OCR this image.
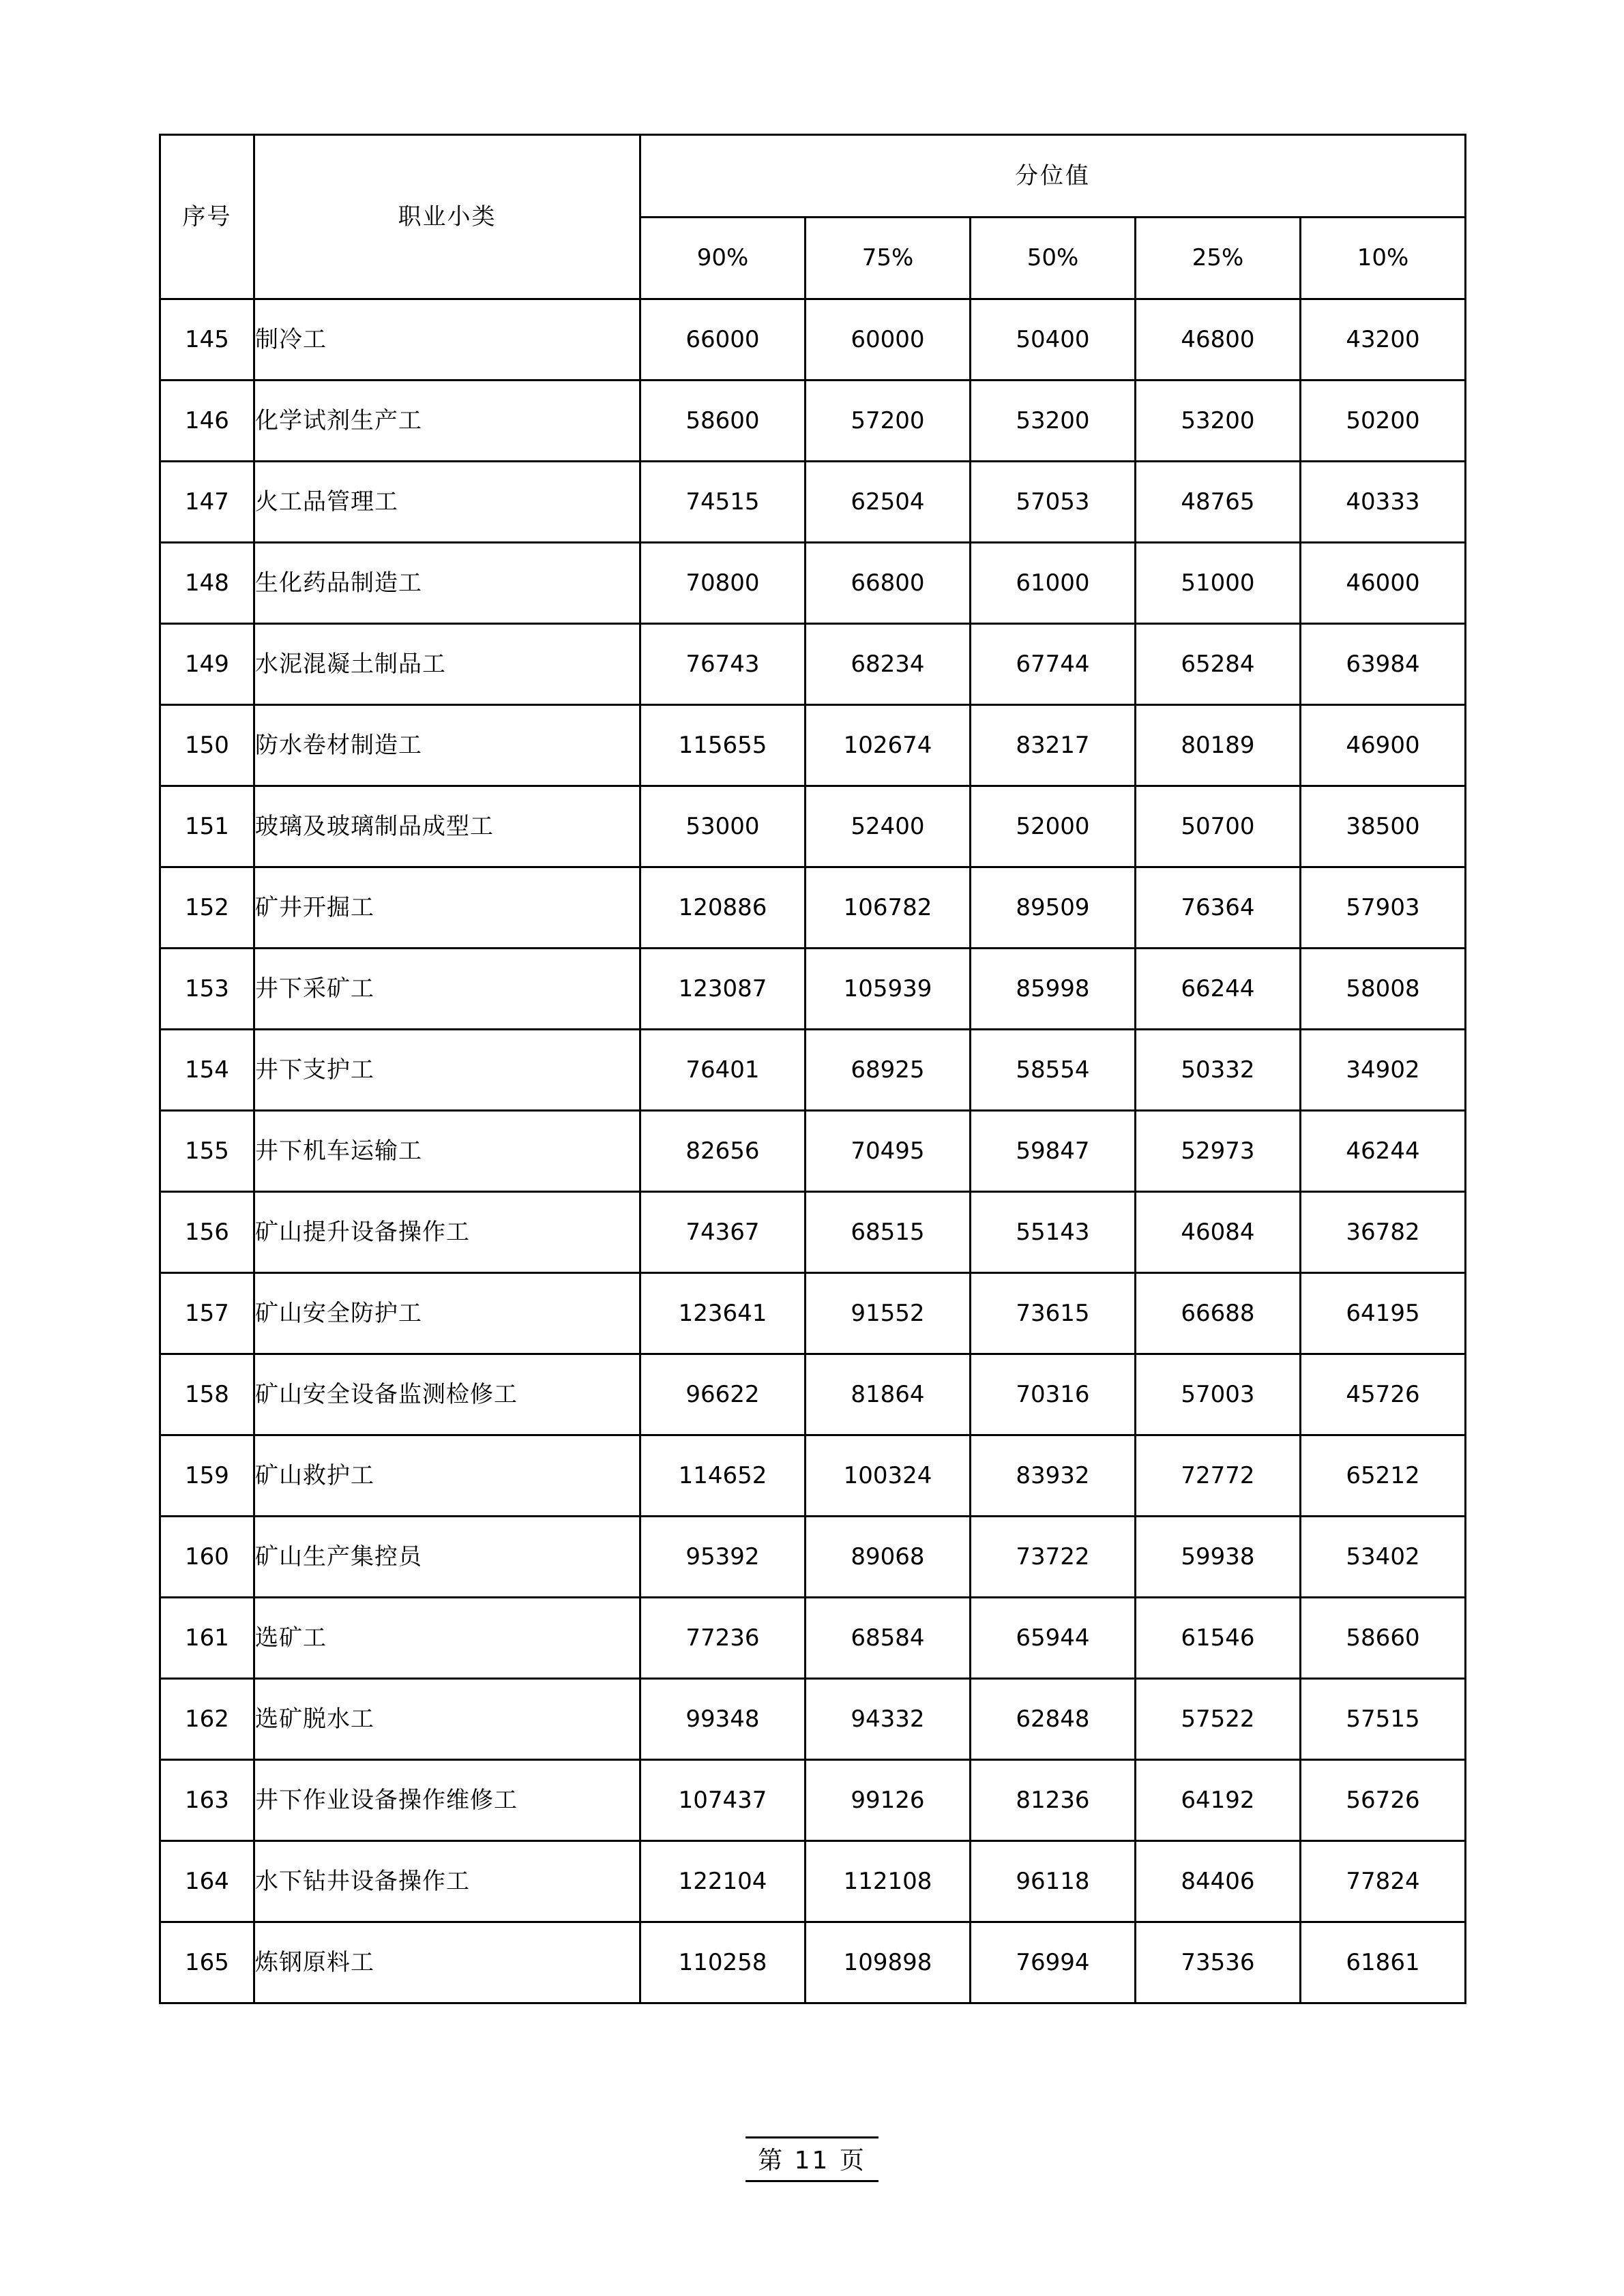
序号	职业小类	分位值				
		90%	75%	50%	25%	10%
145	制冷工	66000	60000	50400	46800	43200
146	化学试剂生产工	58600	57200	53200	53200	50200
147	火工品管理工	74515	62504	57053	48765	40333
148	生化药品制造工	70800	66800	61000	51000	46000
149	水泥混凝土制品工	76743	68234	67744	65284	63984
150	防水卷材制造工	115655	102674	83217	80189	46900
151	玻璃及玻璃制品成型工	53000	52400	52000	50700	38500
152	矿井开掘工	120886	106782	89509	76364	57903
153	井下采矿工	123087	105939	85998	66244	58008
154	井下支护工	76401	68925	58554	50332	34902
155	井下机车运输工	82656	70495	59847	52973	46244
156	矿山提升设备操作工	74367	68515	55143	46084	36782
157	矿山安全防护工	123641	91552	73615	66688	64195
158	矿山安全设备监测检修工	96622	81864	70316	57003	45726
159	矿山救护工	114652	100324	83932	72772	65212
160	矿山生产集控员	95392	89068	73722	59938	53402
161	选矿工	77236	68584	65944	61546	58660
162	选矿脱水工	99348	94332	62848	57522	57515
163	井下作业设备操作维修工	107437	99126	81236	64192	56726
164	水下钻井设备操作工	122104	112108	96118	84406	77824
165	炼钢原料工	110258	109898	76994	73536	61861
第 11 页
